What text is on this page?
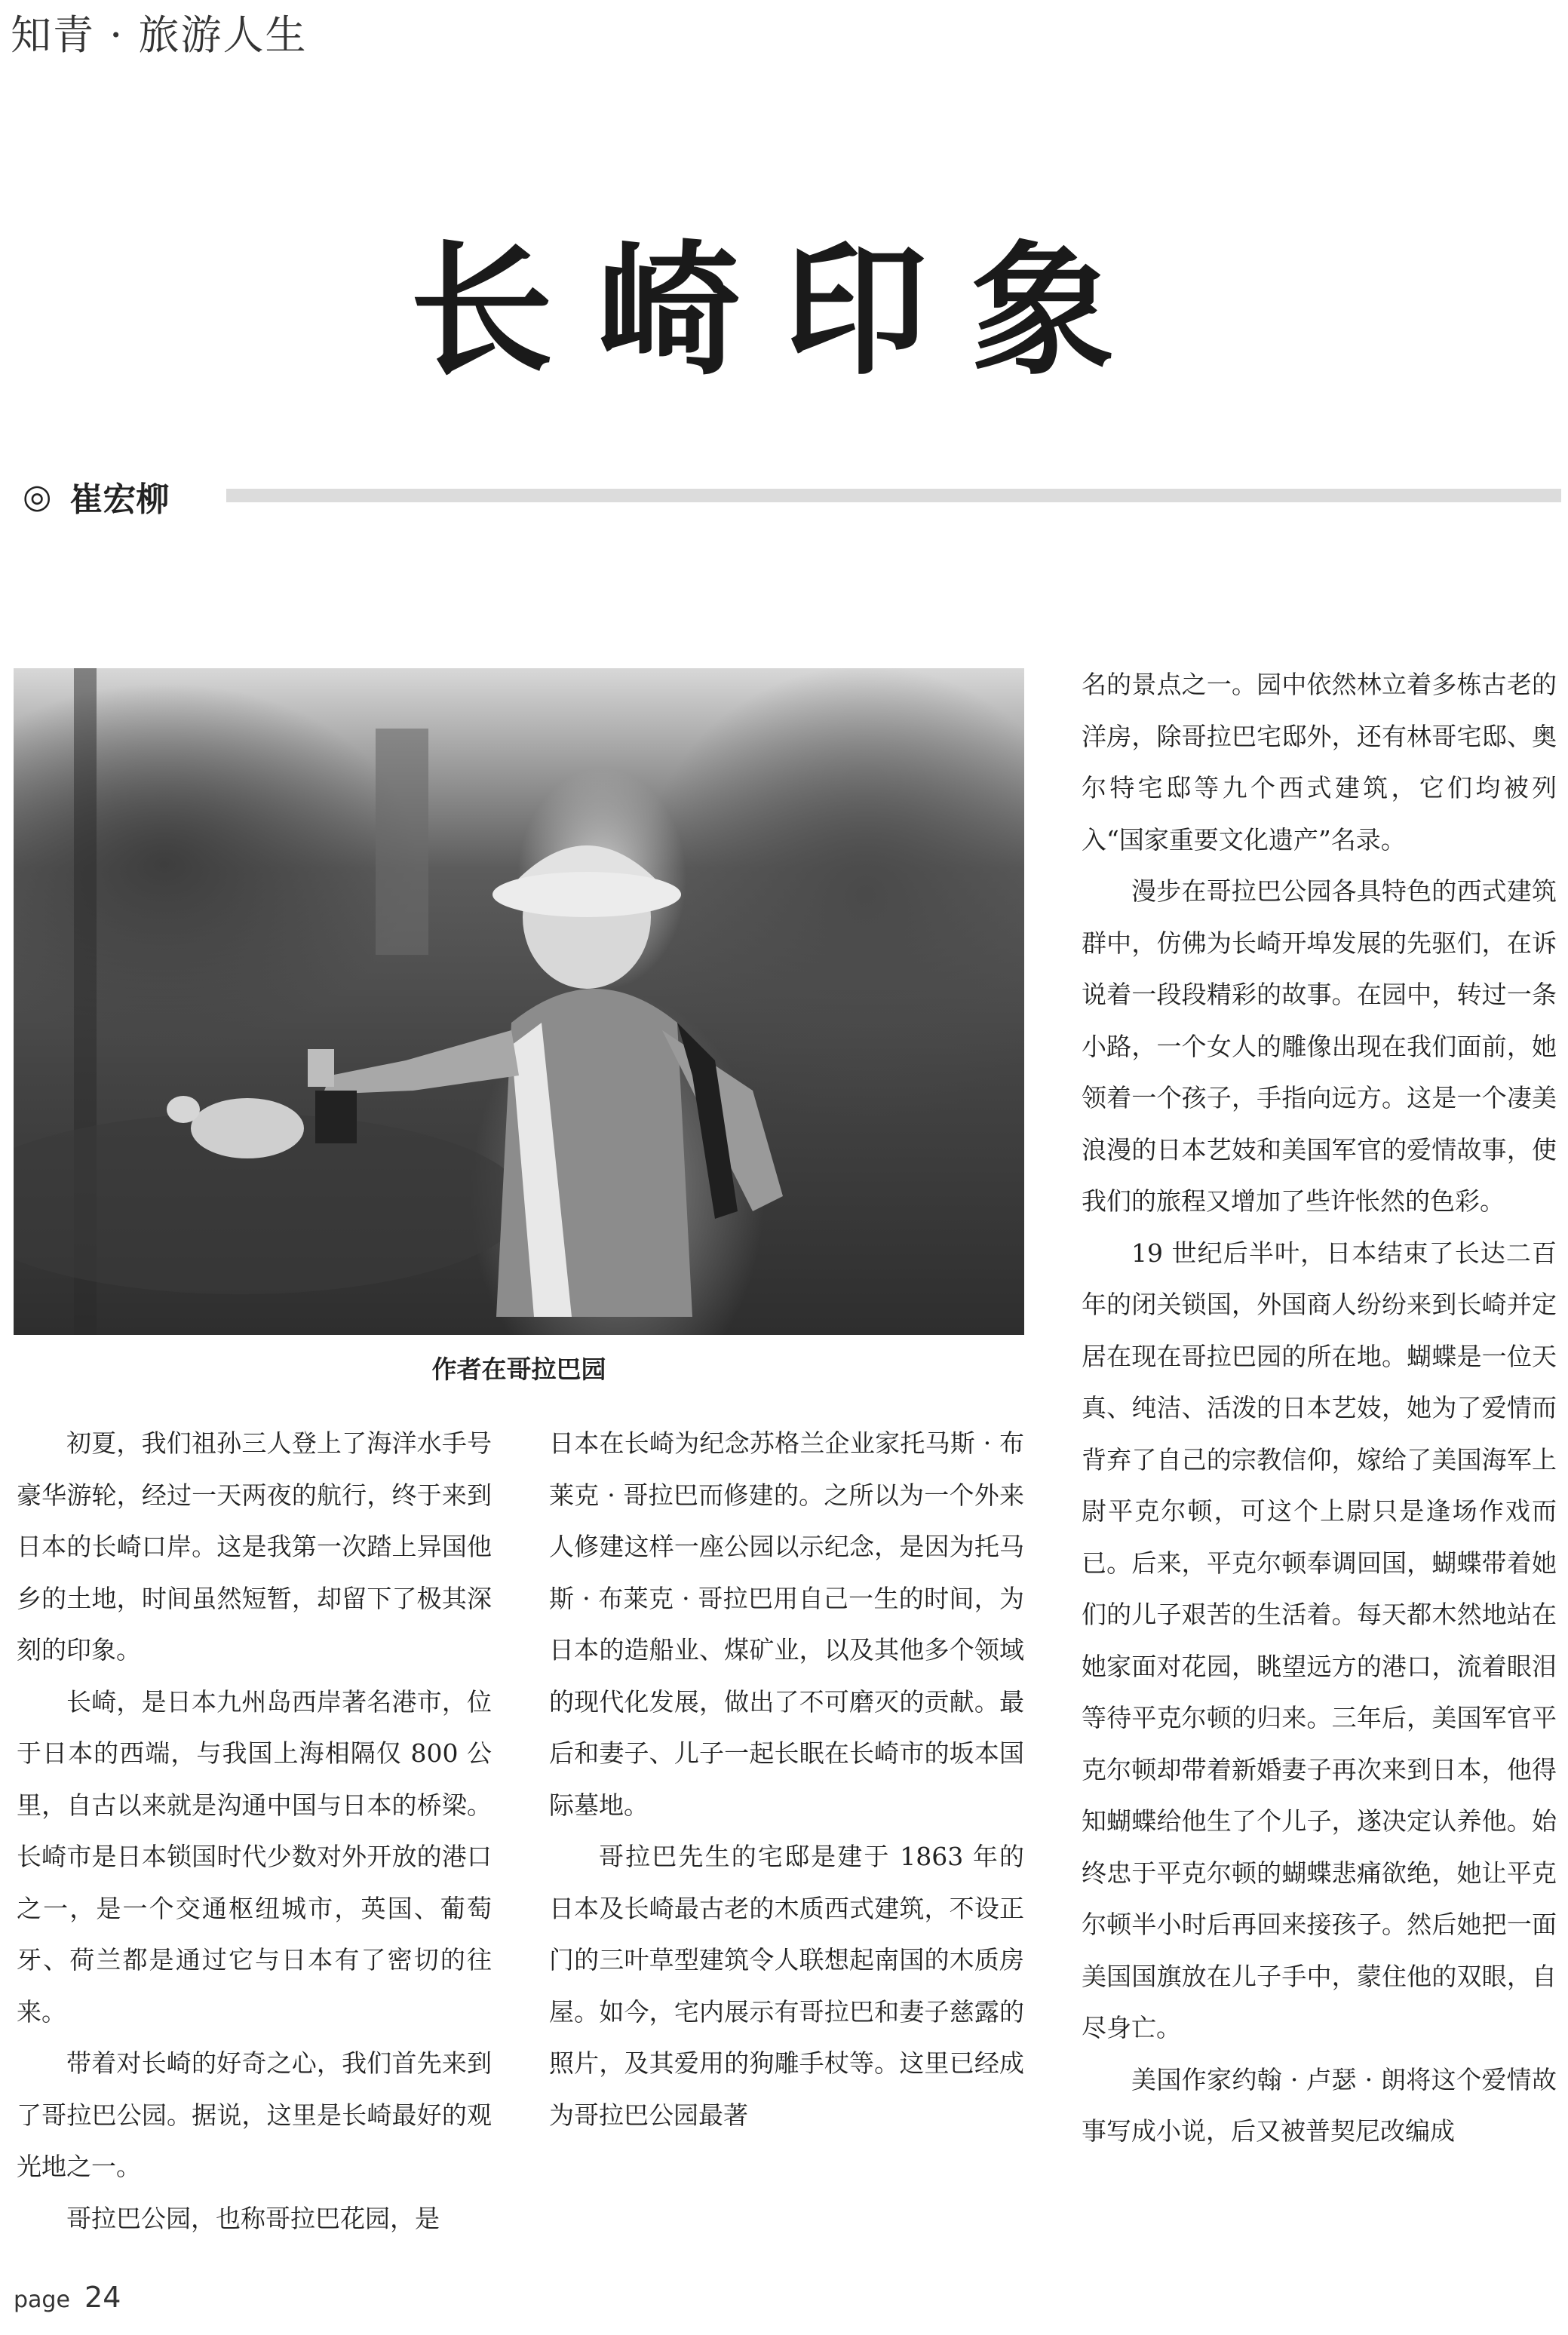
知青 · 旅游人生
长崎印象
◎ 崔宏柳
作者在哥拉巴园

初夏，我们祖孙三人登上了海洋水手号豪华游轮，经过一天两夜的航行，终于来到日本的长崎口岸。这是我第一次踏上异国他乡的土地，时间虽然短暂，却留下了极其深刻的印象。

长崎，是日本九州岛西岸著名港市，位于日本的西端，与我国上海相隔仅 800 公里，自古以来就是沟通中国与日本的桥梁。长崎市是日本锁国时代少数对外开放的港口之一，是一个交通枢纽城市，英国、葡萄牙、荷兰都是通过它与日本有了密切的往来。

带着对长崎的好奇之心，我们首先来到了哥拉巴公园。据说，这里是长崎最好的观光地之一。

哥拉巴公园，也称哥拉巴花园，是

日本在长崎为纪念苏格兰企业家托马斯 · 布莱克 · 哥拉巴而修建的。之所以为一个外来人修建这样一座公园以示纪念，是因为托马斯 · 布莱克 · 哥拉巴用自己一生的时间，为日本的造船业、煤矿业，以及其他多个领域的现代化发展，做出了不可磨灭的贡献。最后和妻子、儿子一起长眠在长崎市的坂本国际墓地。

哥拉巴先生的宅邸是建于 1863 年的日本及长崎最古老的木质西式建筑，不设正门的三叶草型建筑令人联想起南国的木质房屋。如今，宅内展示有哥拉巴和妻子慈露的照片，及其爱用的狗雕手杖等。这里已经成为哥拉巴公园最著

名的景点之一。园中依然林立着多栋古老的洋房，除哥拉巴宅邸外，还有林哥宅邸、奥尔特宅邸等九个西式建筑，它们均被列入“国家重要文化遗产”名录。

漫步在哥拉巴公园各具特色的西式建筑群中，仿佛为长崎开埠发展的先驱们，在诉说着一段段精彩的故事。在园中，转过一条小路，一个女人的雕像出现在我们面前，她领着一个孩子，手指向远方。这是一个凄美浪漫的日本艺妓和美国军官的爱情故事，使我们的旅程又增加了些许怅然的色彩。

19 世纪后半叶，日本结束了长达二百年的闭关锁国，外国商人纷纷来到长崎并定居在现在哥拉巴园的所在地。蝴蝶是一位天真、纯洁、活泼的日本艺妓，她为了爱情而背弃了自己的宗教信仰，嫁给了美国海军上尉平克尔顿，可这个上尉只是逢场作戏而已。后来，平克尔顿奉调回国，蝴蝶带着她们的儿子艰苦的生活着。每天都木然地站在她家面对花园，眺望远方的港口，流着眼泪等待平克尔顿的归来。三年后，美国军官平克尔顿却带着新婚妻子再次来到日本，他得知蝴蝶给他生了个儿子，遂决定认养他。始终忠于平克尔顿的蝴蝶悲痛欲绝，她让平克尔顿半小时后再回来接孩子。然后她把一面美国国旗放在儿子手中，蒙住他的双眼，自尽身亡。

美国作家约翰 · 卢瑟 · 朗将这个爱情故事写成小说，后又被普契尼改编成

page 24
